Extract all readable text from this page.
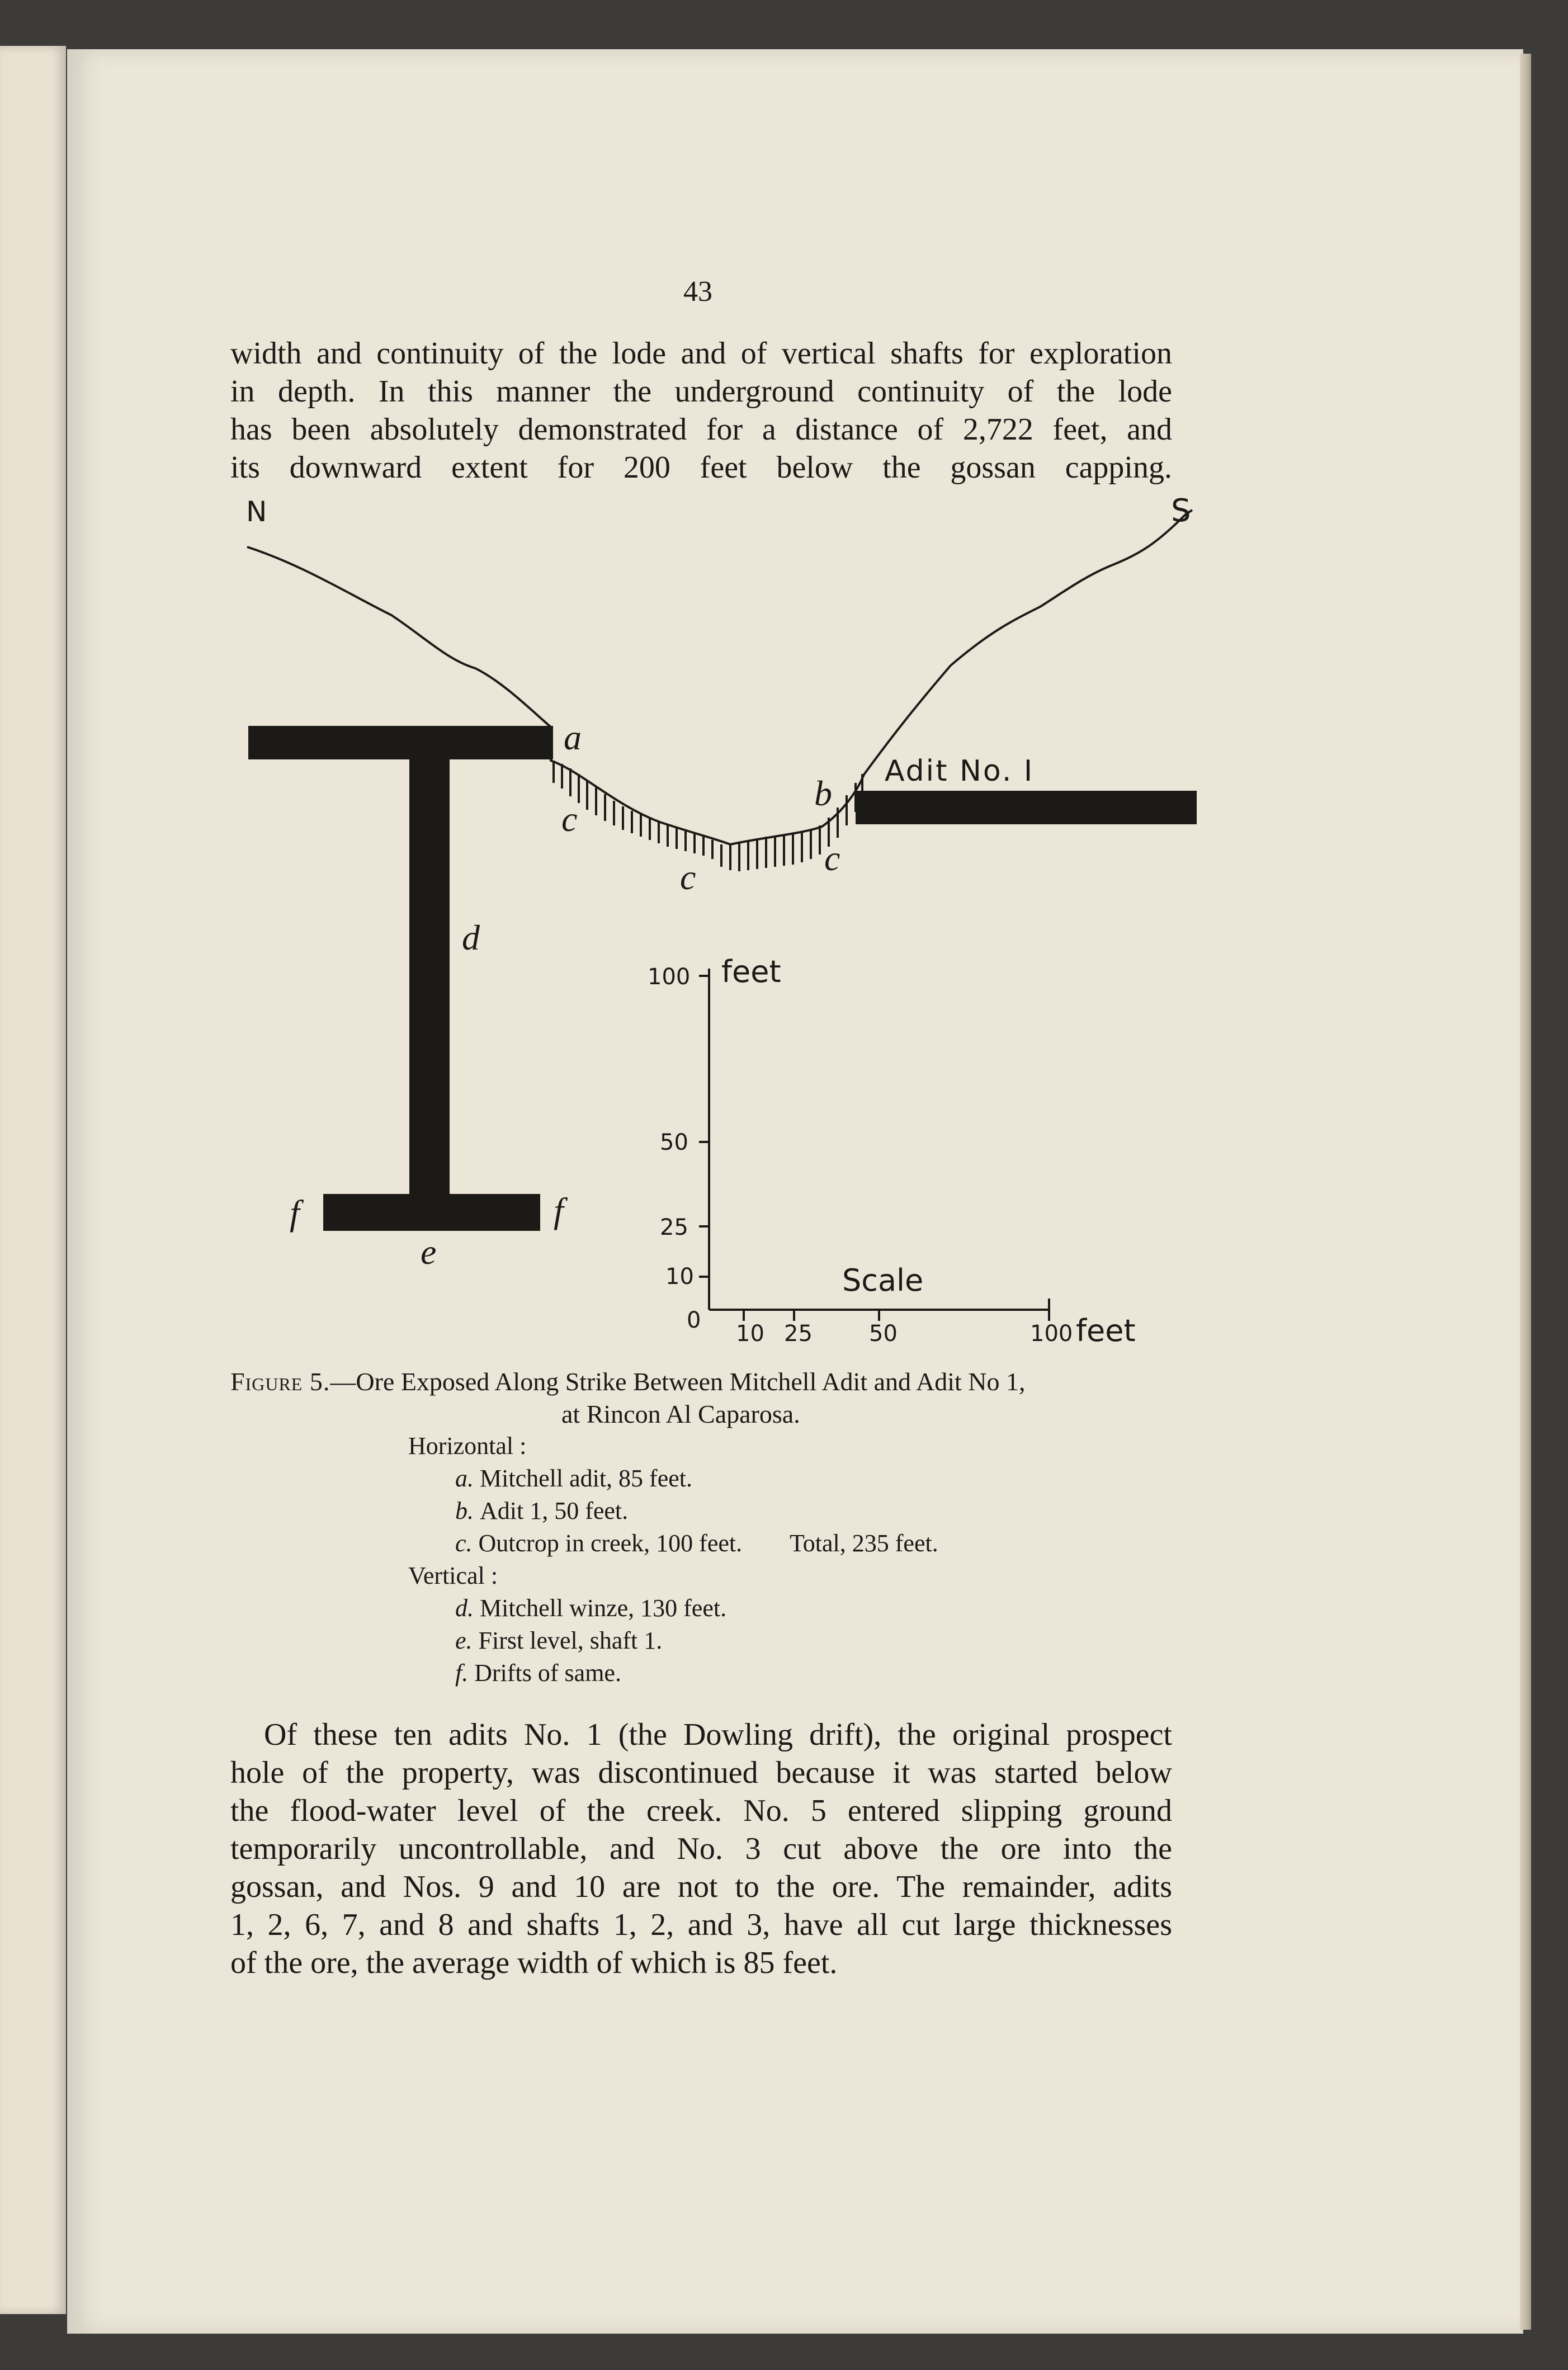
43
width and continuity of the lode and of vertical shafts for exploration
in depth. In this manner the underground continuity of the lode
has been absolutely demonstrated for a distance of 2,722 feet, and
its downward extent for 200 feet below the gossan capping.
N	S
Adit No. I
a
b
c
c	c
d
e
f	f
100
50
25
10
0
10 25	50	100
feet
feet
Scale
Figure 5.—Ore Exposed Along Strike Between Mitchell Adit and Adit No 1,
at Rincon Al Caparosa.
Horizontal :
a. Mitchell adit, 85 feet.
b. Adit 1, 50 feet.
c. Outcrop in creek, 100 feet. Total, 235 feet.
Vertical :
d. Mitchell winze, 130 feet.
e. First level, shaft 1.
f. Drifts of same.
Of these ten adits No. 1 (the Dowling drift), the original prospect
hole of the property, was discontinued because it was started below
the flood-water level of the creek. No. 5 entered slipping ground
temporarily uncontrollable, and No. 3 cut above the ore into the
gossan, and Nos. 9 and 10 are not to the ore. The remainder, adits
1, 2, 6, 7, and 8 and shafts 1, 2, and 3, have all cut large thicknesses
of the ore, the average width of which is 85 feet.
